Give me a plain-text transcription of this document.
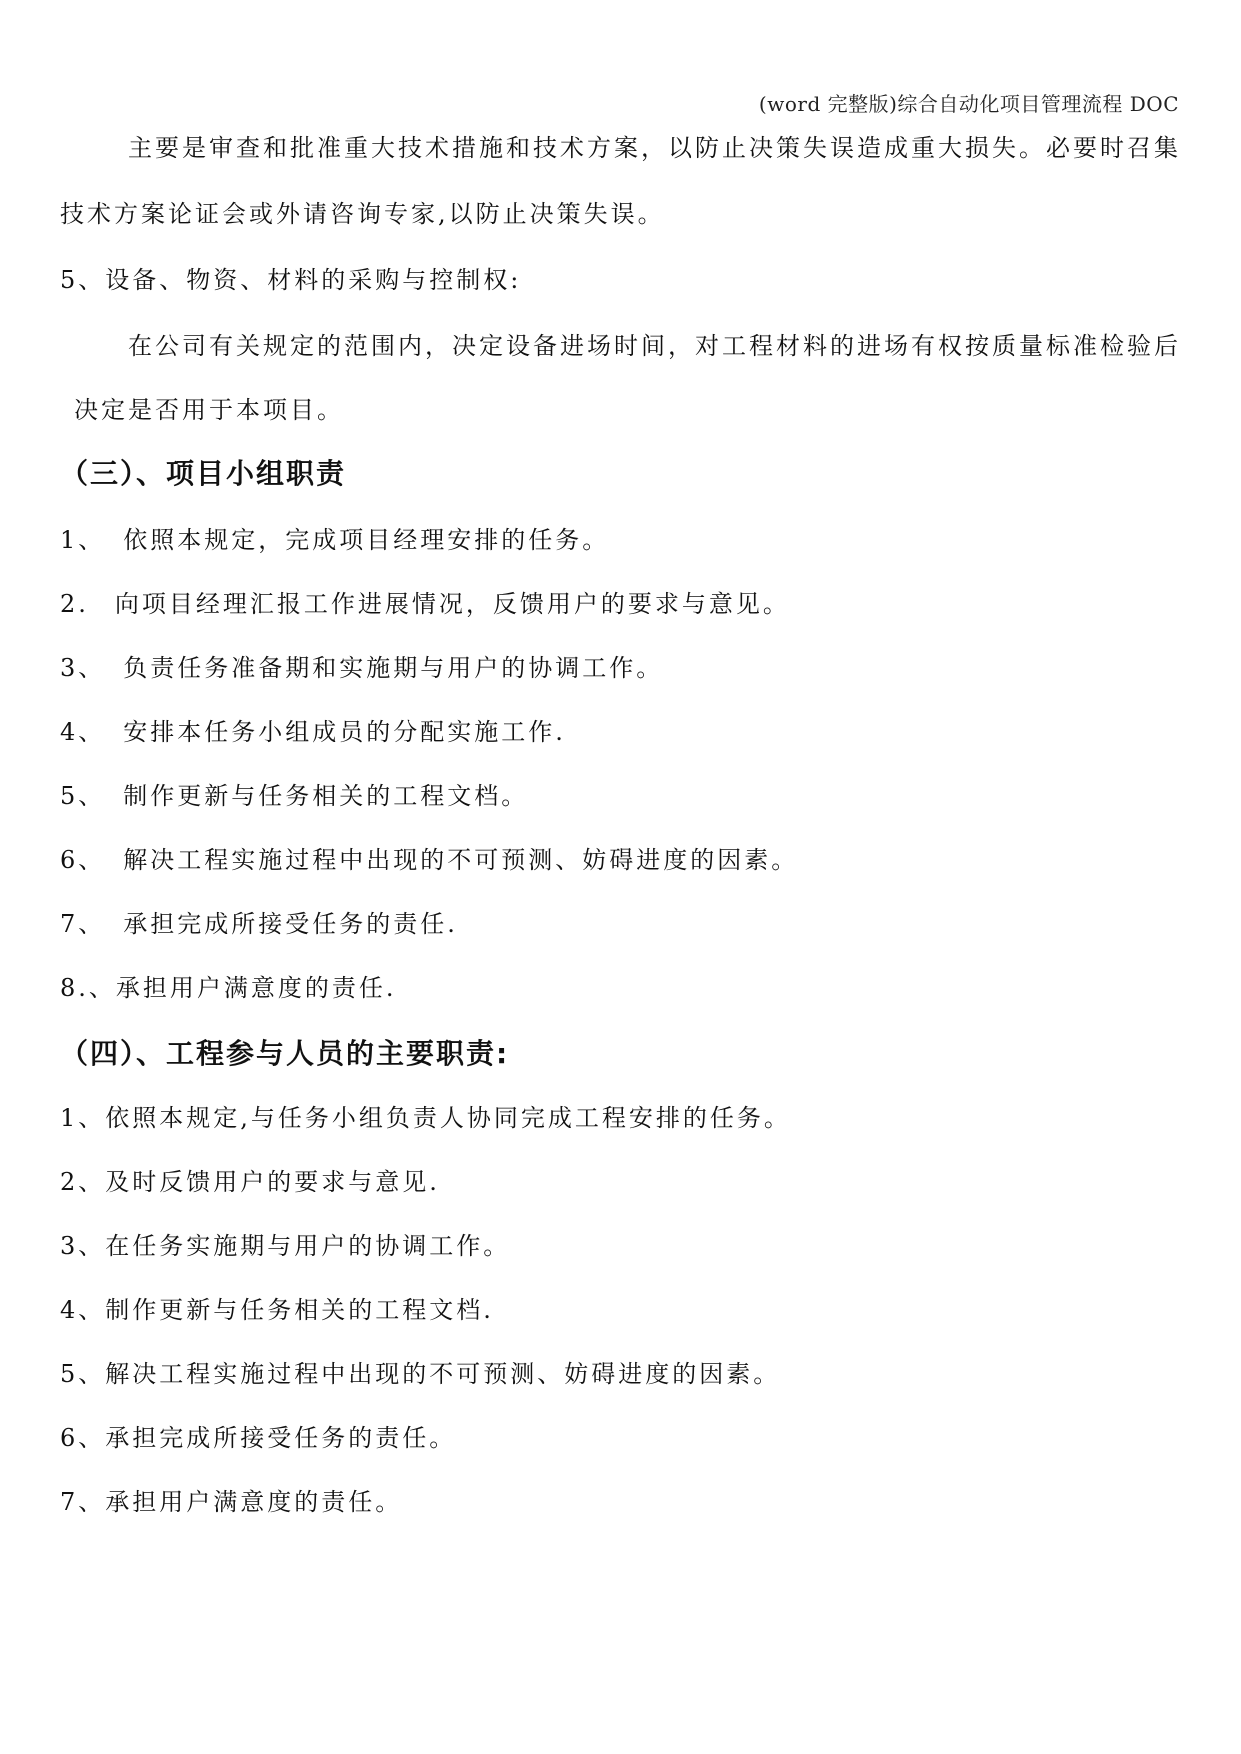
(word 完整版)综合自动化项目管理流程 DOC
主要是审查和批准重大技术措施和技术方案，以防止决策失误造成重大损失。必要时召集
技术方案论证会或外请咨询专家,以防止决策失误。
5、设备、物资、材料的采购与控制权:
在公司有关规定的范围内，决定设备进场时间，对工程材料的进场有权按质量标准检验后
决定是否用于本项目。
（三）、项目小组职责
1、 依照本规定，完成项目经理安排的任务。
2. 向项目经理汇报工作进展情况，反馈用户的要求与意见。
3、 负责任务准备期和实施期与用户的协调工作。
4、 安排本任务小组成员的分配实施工作.
5、 制作更新与任务相关的工程文档。
6、 解决工程实施过程中出现的不可预测、妨碍进度的因素。
7、 承担完成所接受任务的责任.
8.、承担用户满意度的责任.
（四）、工程参与人员的主要职责:
1、依照本规定,与任务小组负责人协同完成工程安排的任务。
2、及时反馈用户的要求与意见.
3、在任务实施期与用户的协调工作。
4、制作更新与任务相关的工程文档.
5、解决工程实施过程中出现的不可预测、妨碍进度的因素。
6、承担完成所接受任务的责任。
7、承担用户满意度的责任。
